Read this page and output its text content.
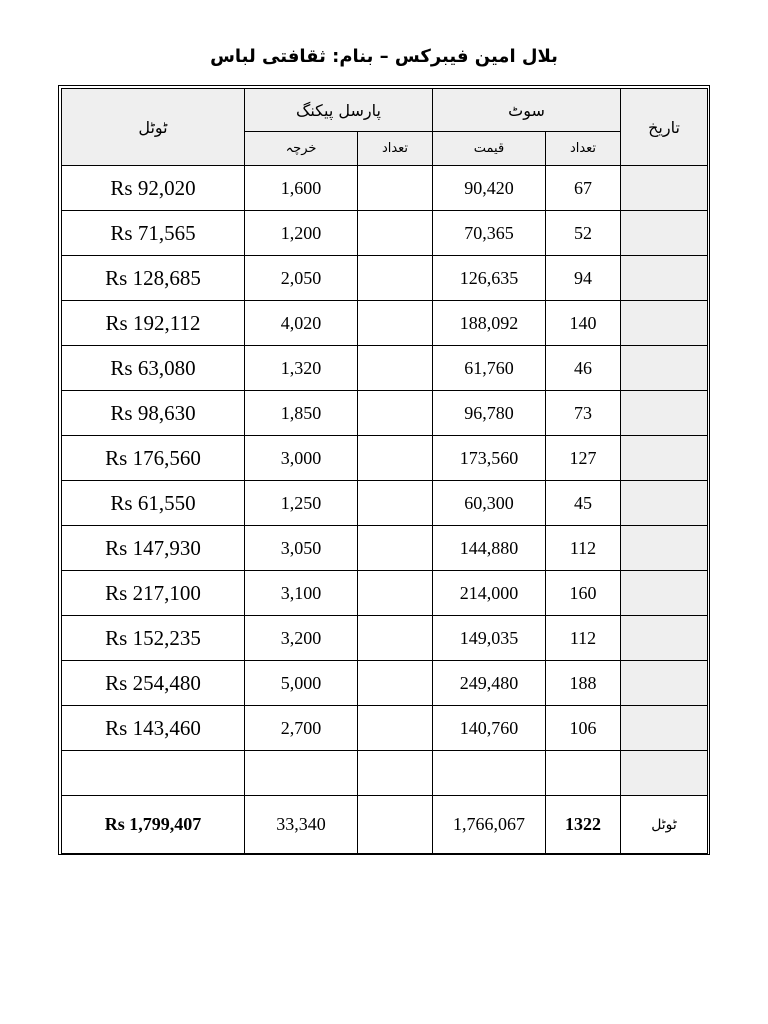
بلال امین فیبرکس – بنام: ثقافتی لباس
ٹوٹل	پارسل پیکنگ		سوٹ		تاریخ
	خرچہ	تعداد	قیمت	تعداد	
Rs 92,020	1,600		90,420	67	
Rs 71,565	1,200		70,365	52	
Rs 128,685	2,050		126,635	94	
Rs 192,112	4,020		188,092	140	
Rs 63,080	1,320		61,760	46	
Rs 98,630	1,850		96,780	73	
Rs 176,560	3,000		173,560	127	
Rs 61,550	1,250		60,300	45	
Rs 147,930	3,050		144,880	112	
Rs 217,100	3,100		214,000	160	
Rs 152,235	3,200		149,035	112	
Rs 254,480	5,000		249,480	188	
Rs 143,460	2,700		140,760	106	

Rs 1,799,407	33,340		1,766,067	1322	ٹوٹل
